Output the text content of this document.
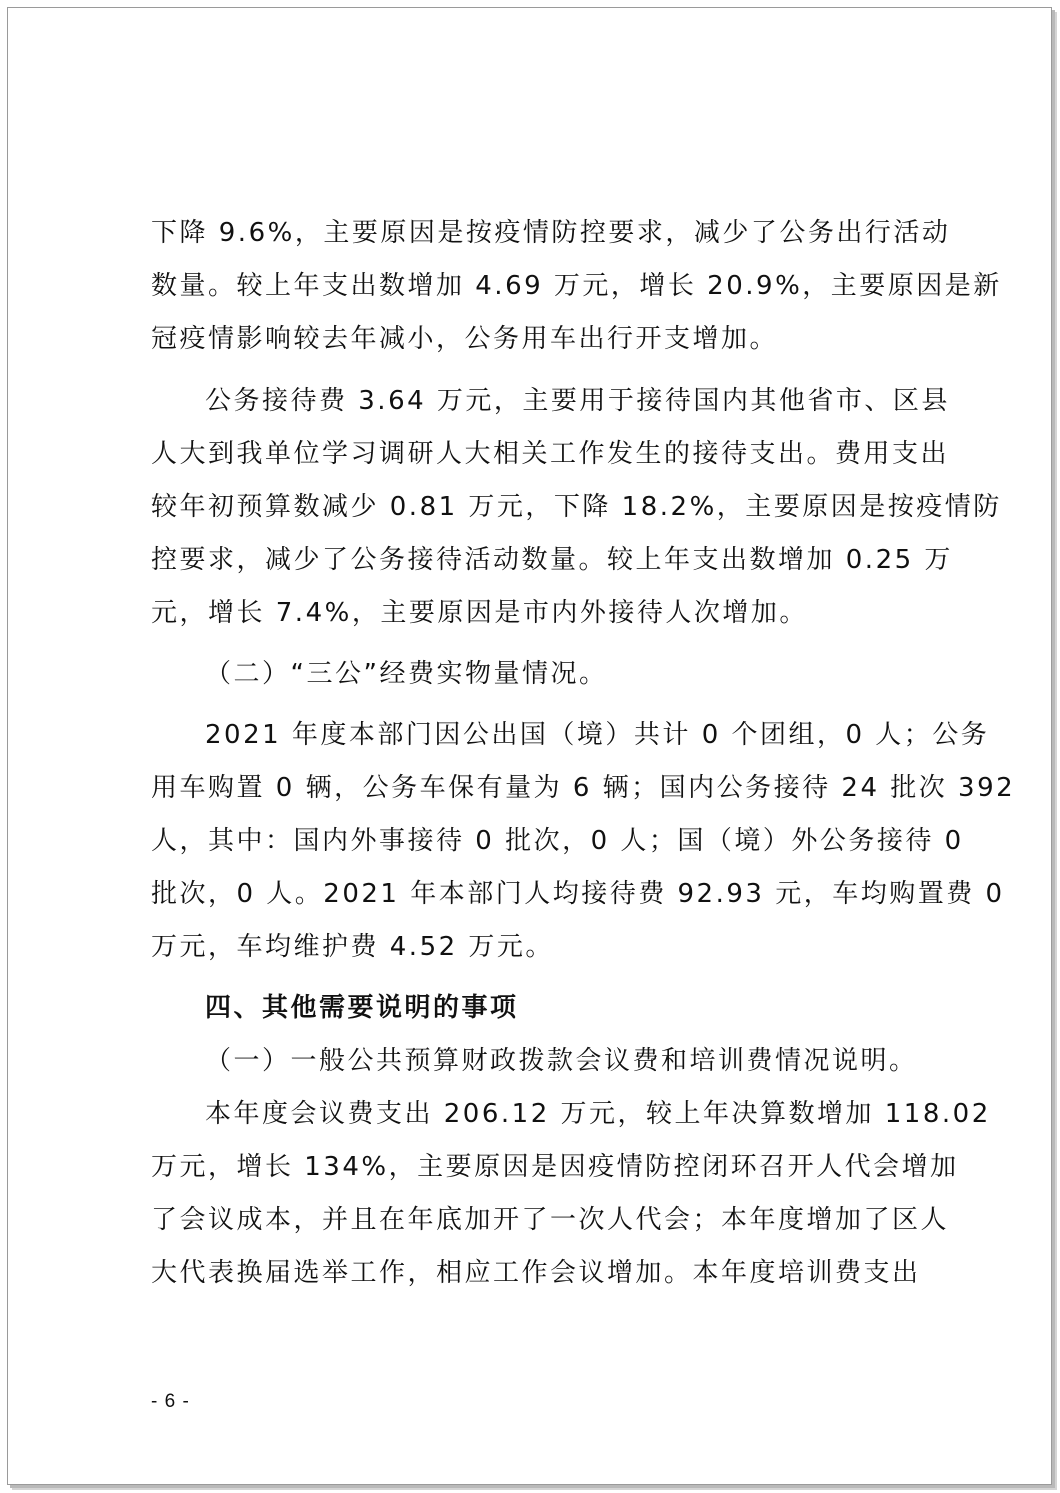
下降 9.6%，主要原因是按疫情防控要求，减少了公务出行活动
数量。较上年支出数增加 4.69 万元，增长 20.9%，主要原因是新
冠疫情影响较去年减小，公务用车出行开支增加。
公务接待费 3.64 万元，主要用于接待国内其他省市、区县
人大到我单位学习调研人大相关工作发生的接待支出。费用支出
较年初预算数减少 0.81 万元，下降 18.2%，主要原因是按疫情防
控要求，减少了公务接待活动数量。较上年支出数增加 0.25 万
元，增长 7.4%，主要原因是市内外接待人次增加。
（二）“三公”经费实物量情况。
2021 年度本部门因公出国（境）共计 0 个团组，0 人；公务
用车购置 0 辆，公务车保有量为 6 辆；国内公务接待 24 批次 392
人，其中：国内外事接待 0 批次，0 人；国（境）外公务接待 0
批次，0 人。2021 年本部门人均接待费 92.93 元，车均购置费 0
万元，车均维护费 4.52 万元。
四、其他需要说明的事项
（一）一般公共预算财政拨款会议费和培训费情况说明。
本年度会议费支出 206.12 万元，较上年决算数增加 118.02
万元，增长 134%，主要原因是因疫情防控闭环召开人代会增加
了会议成本，并且在年底加开了一次人代会；本年度增加了区人
大代表换届选举工作，相应工作会议增加。本年度培训费支出
- 6 -
